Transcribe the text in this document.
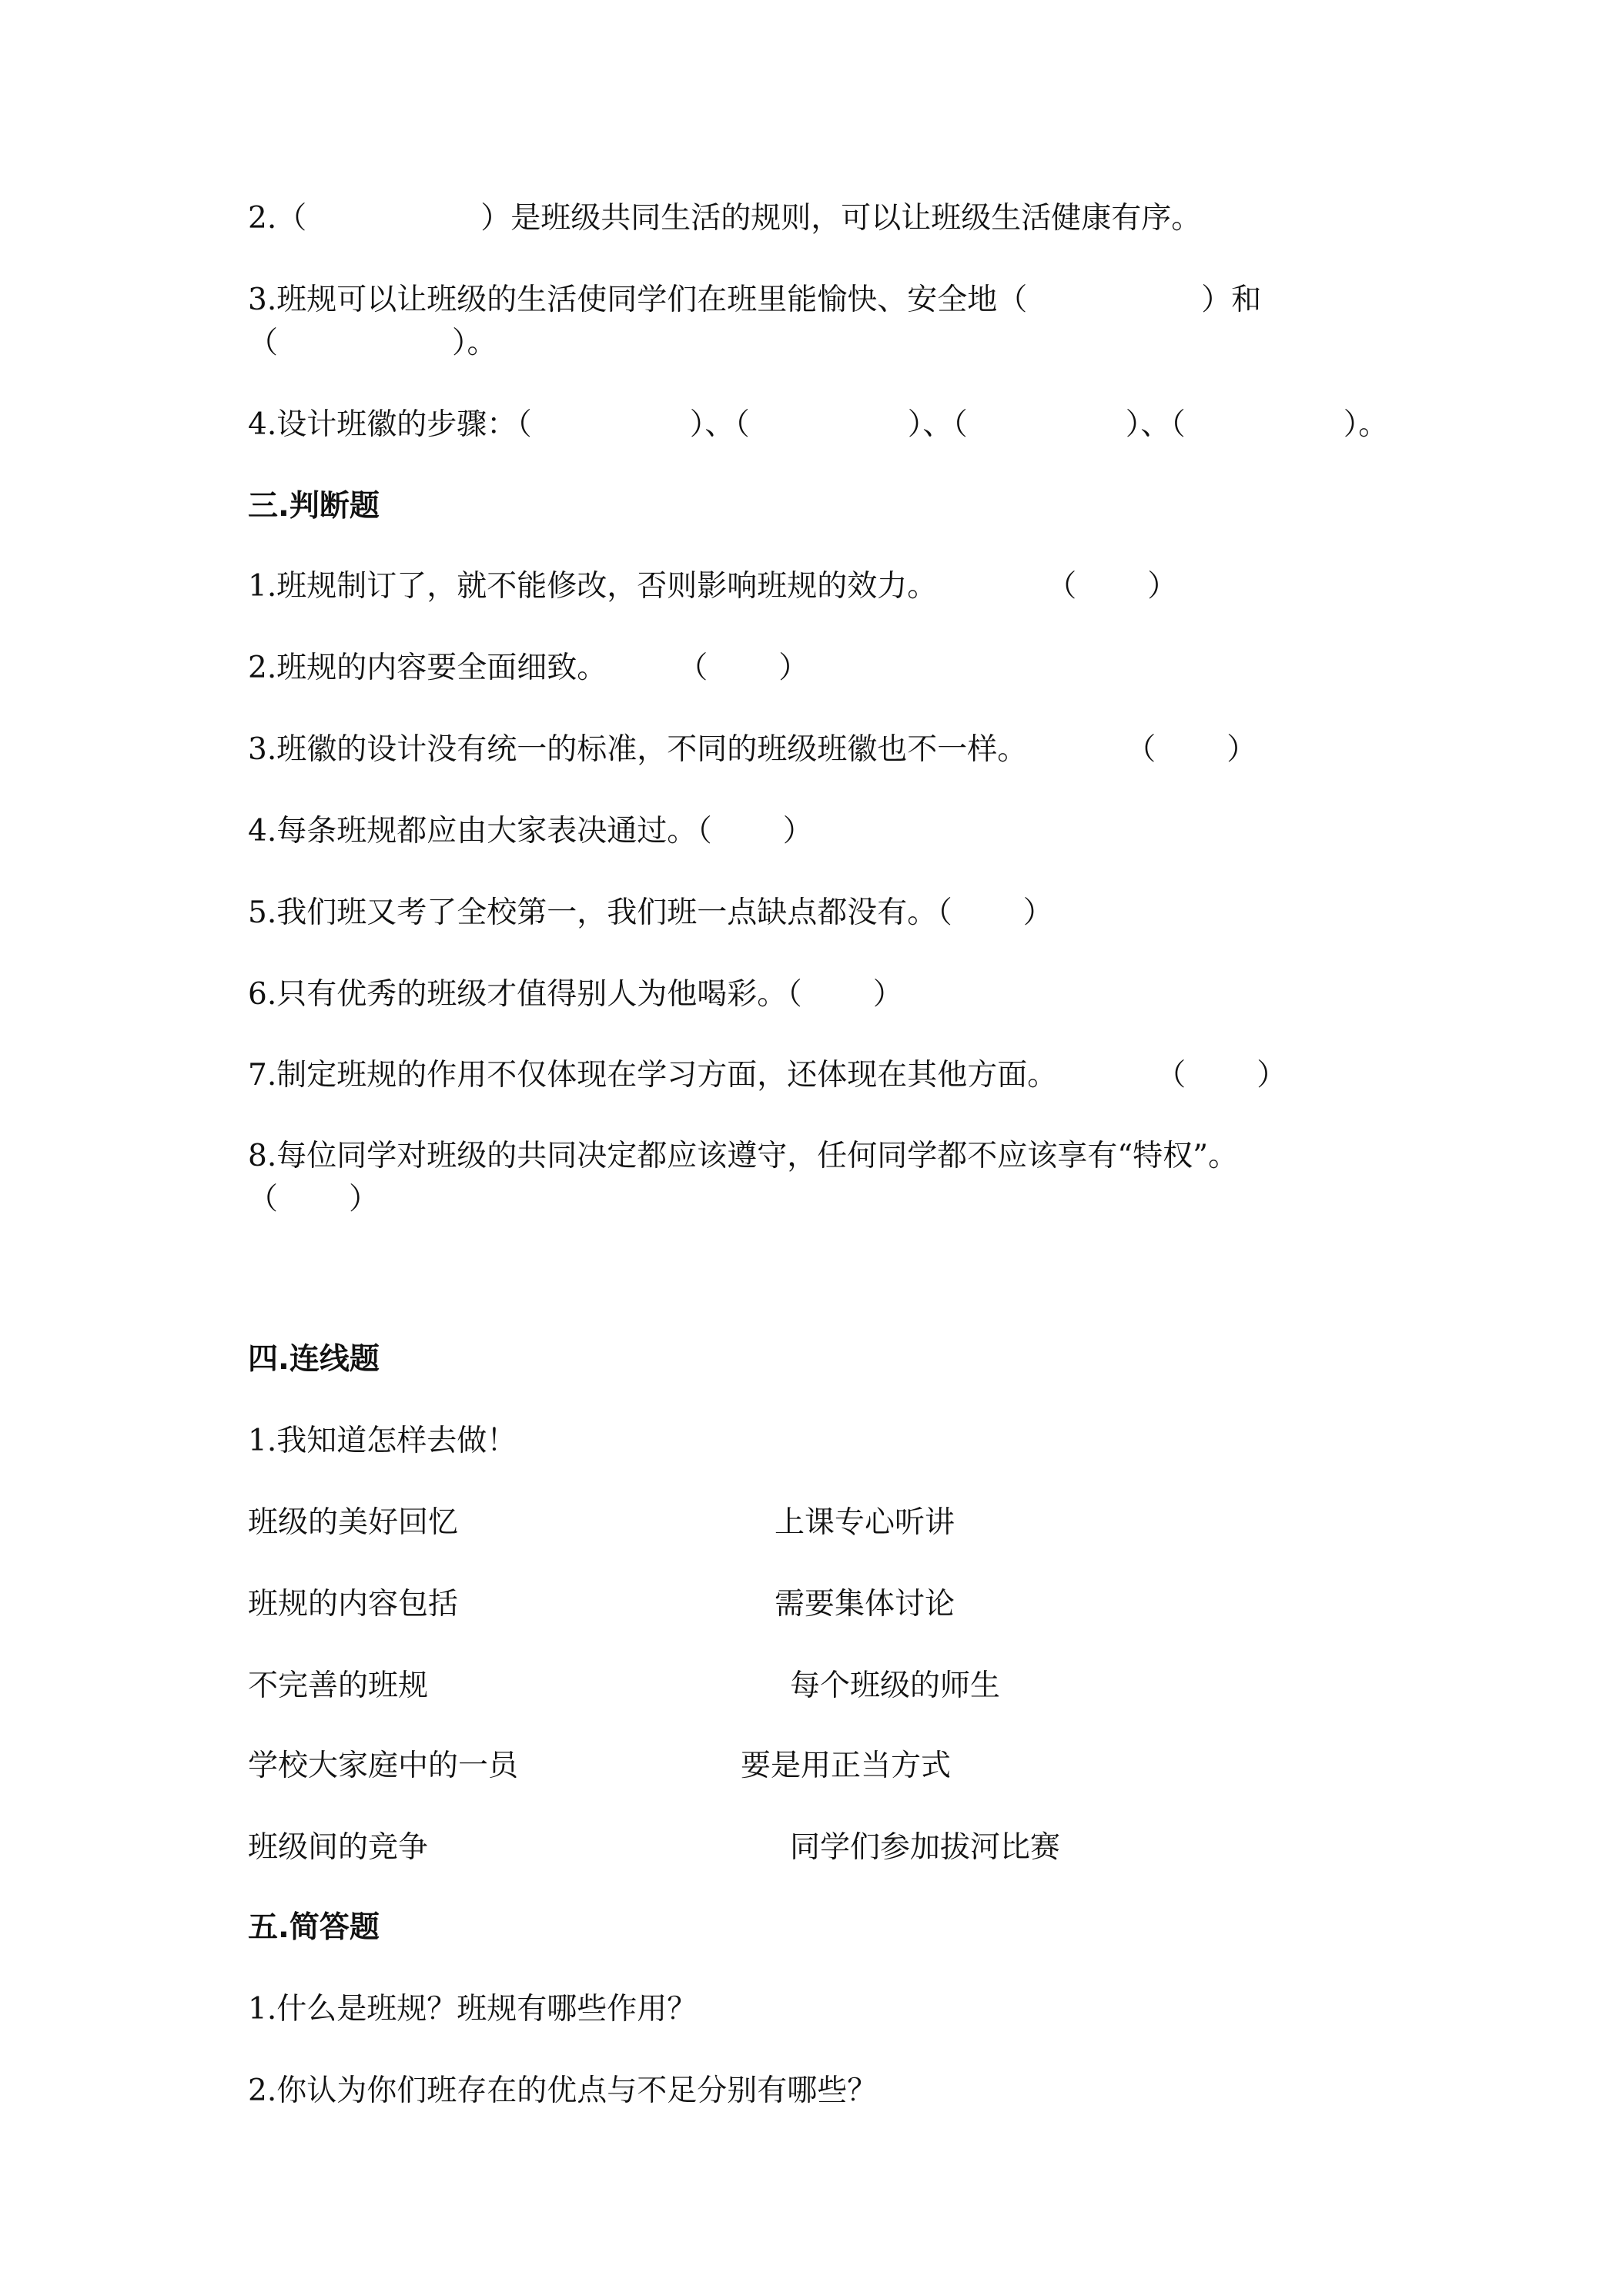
2.（	）是班级共同生活的规则，可以让班级生活健康有序。

3.班规可以让班级的生活使同学们在班里能愉快、安全地（	）和

（	）。

4.设计班徽的步骤：（	）、（	）、（	）、（	）。

三.判断题

1.班规制订了，就不能修改，否则影响班规的效力。	（ ）

2.班规的内容要全面细致。 （ ）

3.班徽的设计没有统一的标准，不同的班级班徽也不一样。	（ ）

4.每条班规都应由大家表决通过。（ ）

5.我们班又考了全校第一，我们班一点缺点都没有。（ ）

6.只有优秀的班级才值得别人为他喝彩。（ ）

7.制定班规的作用不仅体现在学习方面，还体现在其他方面。	（ ）

8.每位同学对班级的共同决定都应该遵守，任何同学都不应该享有“特权”。

（ ）

四.连线题

1.我知道怎样去做！

班级的美好回忆	上课专心听讲

班规的内容包括	需要集体讨论

不完善的班规	每个班级的师生

学校大家庭中的一员	要是用正当方式

班级间的竞争	同学们参加拔河比赛

五.简答题

1.什么是班规？班规有哪些作用？

2.你认为你们班存在的优点与不足分别有哪些？
